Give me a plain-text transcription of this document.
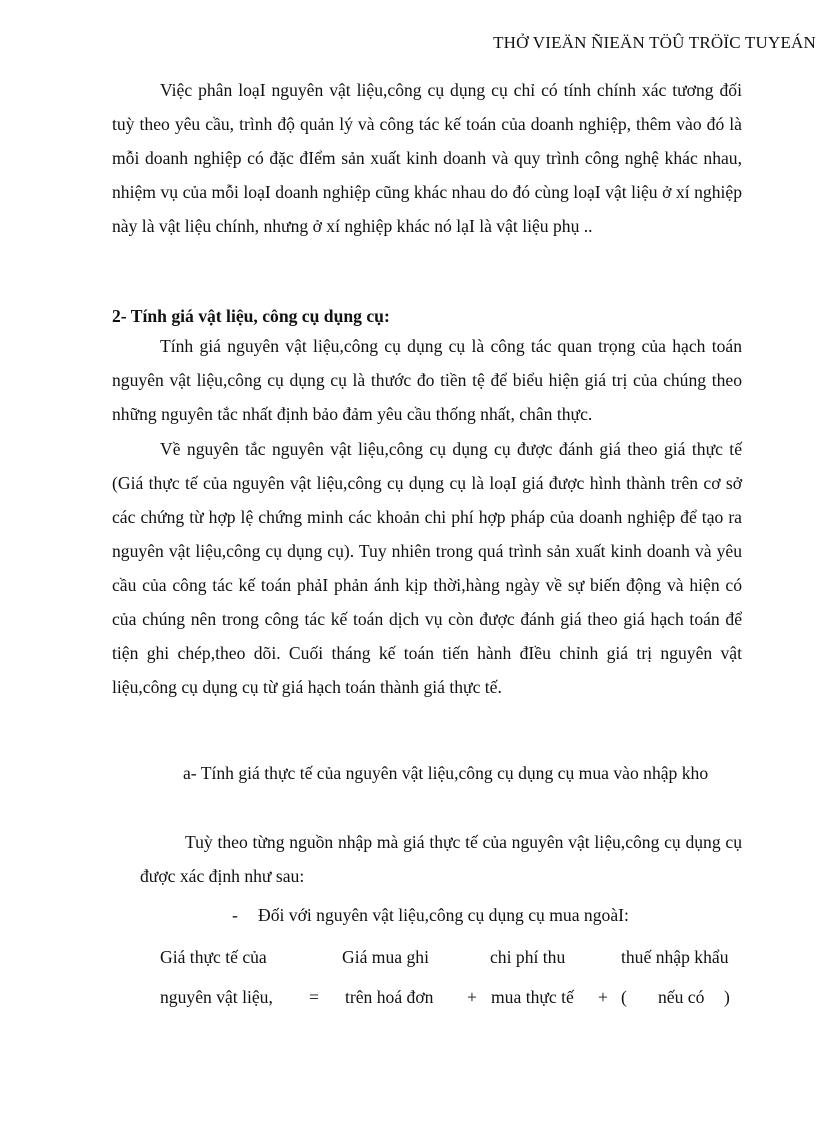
THỞ VIEÄN ÑIEÄN TÖÛ TRÖÏC TUYEÁN

Việc phân loạI nguyên vật liệu,công cụ dụng cụ chỉ có tính chính xác tương đối tuỳ theo yêu cầu, trình độ quản lý và công tác kế toán của doanh nghiệp, thêm vào đó là mỗi doanh nghiệp có đặc đIểm sản xuất kinh doanh và quy trình công nghệ khác nhau, nhiệm vụ của mỗi loạI doanh nghiệp cũng khác nhau do đó cùng loạI vật liệu ở xí nghiệp này là vật liệu chính, nhưng ở xí nghiệp khác nó lạI là vật liệu phụ ..

2- Tính giá vật liệu, công cụ dụng cụ:

Tính giá nguyên vật liệu,công cụ dụng cụ là công tác quan trọng của hạch toán nguyên vật liệu,công cụ dụng cụ là thước đo tiền tệ để biểu hiện giá trị của chúng theo những nguyên tắc nhất định bảo đảm yêu cầu thống nhất, chân thực.

Về nguyên tắc nguyên vật liệu,công cụ dụng cụ được đánh giá theo giá thực tế (Giá thực tế của nguyên vật liệu,công cụ dụng cụ là loạI giá được hình thành trên cơ sở các chứng từ hợp lệ chứng minh các khoản chi phí hợp pháp của doanh nghiệp để tạo ra nguyên vật liệu,công cụ dụng cụ). Tuy nhiên trong quá trình sản xuất kinh doanh và yêu cầu của công tác kế toán phảI phản ánh kịp thời,hàng ngày về sự biến động và hiện có của chúng nên trong công tác kế toán dịch vụ còn được đánh giá theo giá hạch toán để tiện ghi chép,theo dõi. Cuối tháng kế toán tiến hành đIều chỉnh giá trị nguyên vật liệu,công cụ dụng cụ từ giá hạch toán thành giá thực tế.

a- Tính giá thực tế của nguyên vật liệu,công cụ dụng cụ mua vào nhập kho

Tuỳ theo từng nguồn nhập mà giá thực tế của nguyên vật liệu,công cụ dụng cụ được xác định như sau:

- Đối với nguyên vật liệu,công cụ dụng cụ mua ngoàI:

Giá thực tế của	Giá mua ghi	chi phí thu	thuế nhập khẩu
nguyên vật liệu, = trên hoá đơn + mua thực tế + ( nếu có )
